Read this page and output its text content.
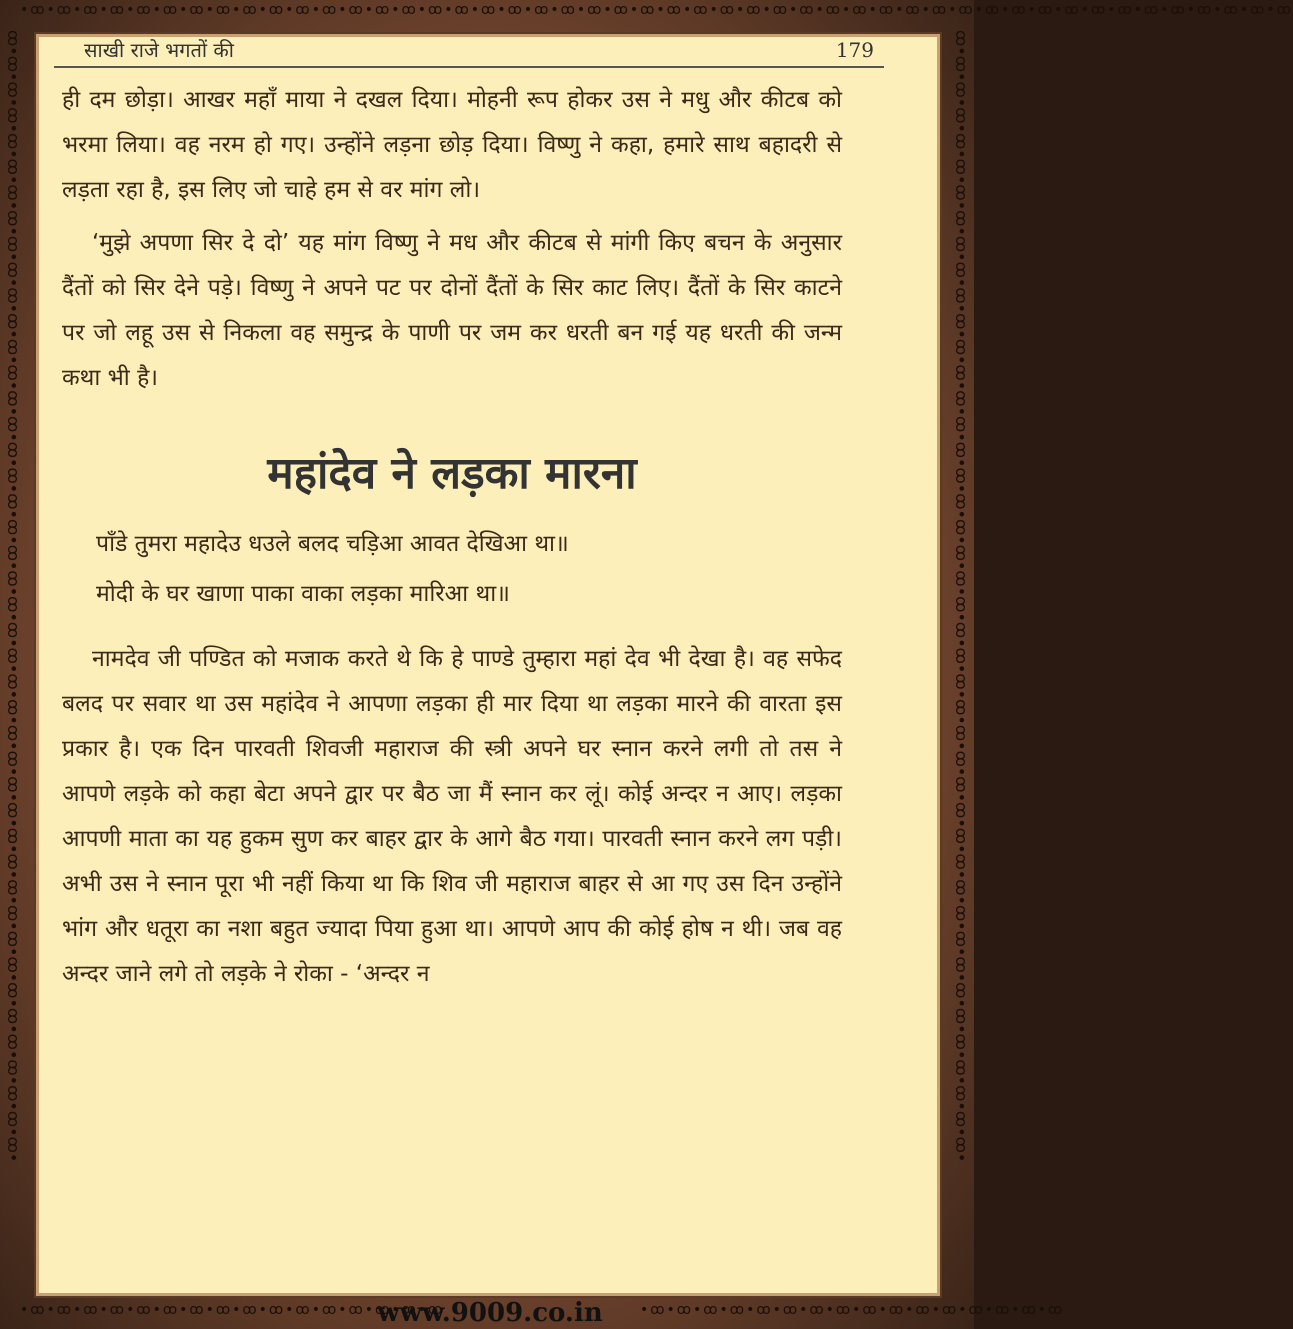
•ꝏ•ꝏ•ꝏ•ꝏ•ꝏ•ꝏ•ꝏ•ꝏ•ꝏ•ꝏ•ꝏ•ꝏ•ꝏ•ꝏ•ꝏ•ꝏ•ꝏ•ꝏ•ꝏ•ꝏ•ꝏ•ꝏ•ꝏ•ꝏ•ꝏ•ꝏ•ꝏ•ꝏ•ꝏ•ꝏ•ꝏ•ꝏ•ꝏ•ꝏ•ꝏ•ꝏ•ꝏ•ꝏ•ꝏ•ꝏ•ꝏ•ꝏ•ꝏ•ꝏ•ꝏ•ꝏ•ꝏ•ꝏ
ꝏ•ꝏ•ꝏ•ꝏ•ꝏ•ꝏ•ꝏ•ꝏ•ꝏ•ꝏ•ꝏ•ꝏ•ꝏ•ꝏ•ꝏ•ꝏ•ꝏ•ꝏ•ꝏ•ꝏ•ꝏ•ꝏ•ꝏ•ꝏ•ꝏ•ꝏ•ꝏ•ꝏ•ꝏ•ꝏ•ꝏ•ꝏ•ꝏ•ꝏ•ꝏ•ꝏ•ꝏ•ꝏ•ꝏ•ꝏ•ꝏ•ꝏ•ꝏ•ꝏ•	ꝏ•ꝏ•ꝏ•ꝏ•ꝏ•ꝏ•ꝏ•ꝏ•ꝏ•ꝏ•ꝏ•ꝏ•ꝏ•ꝏ•ꝏ•ꝏ•ꝏ•ꝏ•ꝏ•ꝏ•ꝏ•ꝏ•ꝏ•ꝏ•ꝏ•ꝏ•ꝏ•ꝏ•ꝏ•ꝏ•ꝏ•ꝏ•ꝏ•ꝏ•ꝏ•ꝏ•ꝏ•ꝏ•ꝏ•ꝏ•ꝏ•ꝏ•ꝏ•ꝏ•
•ꝏ•ꝏ•ꝏ•ꝏ•ꝏ•ꝏ•ꝏ•ꝏ•ꝏ•ꝏ•ꝏ•ꝏ•ꝏ•ꝏ•ꝏ•ꝏ	•ꝏ•ꝏ•ꝏ•ꝏ•ꝏ•ꝏ•ꝏ•ꝏ•ꝏ•ꝏ•ꝏ•ꝏ•ꝏ•ꝏ•ꝏ•ꝏ
साखी राजे भगतों की	179

ही दम छोड़ा। आखर महाँ माया ने दखल दिया। मोहनी रूप होकर उस ने मधु और कीटब को भरमा लिया। वह नरम हो गए। उन्होंने लड़ना छोड़ दिया। विष्णु ने कहा, हमारे साथ बहादरी से लड़ता रहा है, इस लिए जो चाहे हम से वर मांग लो।

‘मुझे अपणा सिर दे दो’ यह मांग विष्णु ने मध और कीटब से मांगी किए बचन के अनुसार दैंतों को सिर देने पड़े। विष्णु ने अपने पट पर दोनों दैंतों के सिर काट लिए। दैंतों के सिर काटने पर जो लहू उस से निकला वह समुन्द्र के पाणी पर जम कर धरती बन गई यह धरती की जन्म कथा भी है।

महांदेव ने लड़का मारना

पाँडे तुमरा महादेउ धउले बलद चड़िआ आवत देखिआ था॥

मोदी के घर खाणा पाका वाका लड़का मारिआ था॥

नामदेव जी पण्डित को मजाक करते थे कि हे पाण्डे तुम्हारा महां देव भी देखा है। वह सफेद बलद पर सवार था उस महांदेव ने आपणा लड़का ही मार दिया था लड़का मारने की वारता इस प्रकार है। एक दिन पारवती शिवजी महाराज की स्त्री अपने घर स्नान करने लगी तो तस ने आपणे लड़के को कहा बेटा अपने द्वार पर बैठ जा मैं स्नान कर लूं। कोई अन्दर न आए। लड़का आपणी माता का यह हुकम सुण कर बाहर द्वार के आगे बैठ गया। पारवती स्नान करने लग पड़ी। अभी उस ने स्नान पूरा भी नहीं किया था कि शिव जी महाराज बाहर से आ गए उस दिन उन्होंने भांग और धतूरा का नशा बहुत ज्यादा पिया हुआ था। आपणे आप की कोई होष न थी। जब वह अन्दर जाने लगे तो लड़के ने रोका - ‘अन्दर न

www.9009.co.in
